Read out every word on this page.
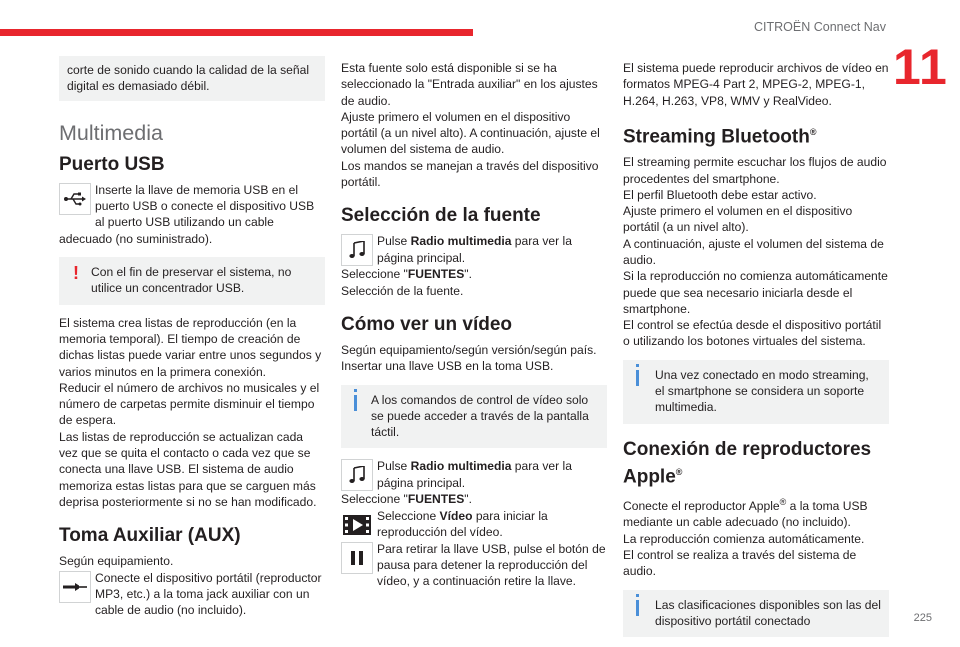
CITROËN Connect Nav
11
225

corte de sonido cuando la calidad de la señal digital es demasiado débil.

Multimedia
Puerto USB

Inserte la llave de memoria USB en el puerto USB o conecte el dispositivo USB al puerto USB utilizando un cable adecuado (no suministrado).

! Con el fin de preservar el sistema, no utilice un concentrador USB.

El sistema crea listas de reproducción (en la memoria temporal). El tiempo de creación de dichas listas puede variar entre unos segundos y varios minutos en la primera conexión.

Reducir el número de archivos no musicales y el número de carpetas permite disminuir el tiempo de espera.

Las listas de reproducción se actualizan cada vez que se quita el contacto o cada vez que se conecta una llave USB. El sistema de audio memoriza estas listas para que se carguen más deprisa posteriormente si no se han modificado.

Toma Auxiliar (AUX)

Según equipamiento.

Conecte el dispositivo portátil (reproductor MP3, etc.) a la toma jack auxiliar con un cable de audio (no incluido).

Esta fuente solo está disponible si se ha seleccionado la "Entrada auxiliar" en los ajustes de audio.

Ajuste primero el volumen en el dispositivo portátil (a un nivel alto). A continuación, ajuste el volumen del sistema de audio.

Los mandos se manejan a través del dispositivo portátil.

Selección de la fuente

Pulse Radio multimedia para ver la página principal.

Seleccione "FUENTES".

Selección de la fuente.

Cómo ver un vídeo

Según equipamiento/según versión/según país.

Insertar una llave USB en la toma USB.

A los comandos de control de vídeo solo se puede acceder a través de la pantalla táctil.

Pulse Radio multimedia para ver la página principal.

Seleccione "FUENTES".

Seleccione Vídeo para iniciar la reproducción del vídeo.

Para retirar la llave USB, pulse el botón de pausa para detener la reproducción del vídeo, y a continuación retire la llave.

El sistema puede reproducir archivos de vídeo en formatos MPEG-4 Part 2, MPEG-2, MPEG-1, H.264, H.263, VP8, WMV y RealVideo.

Streaming Bluetooth®

El streaming permite escuchar los flujos de audio procedentes del smartphone.

El perfil Bluetooth debe estar activo.

Ajuste primero el volumen en el dispositivo portátil (a un nivel alto).

A continuación, ajuste el volumen del sistema de audio.

Si la reproducción no comienza automáticamente puede que sea necesario iniciarla desde el smartphone.

El control se efectúa desde el dispositivo portátil o utilizando los botones virtuales del sistema.

Una vez conectado en modo streaming, el smartphone se considera un soporte multimedia.

Conexión de reproductores Apple®

Conecte el reproductor Apple® a la toma USB mediante un cable adecuado (no incluido).

La reproducción comienza automáticamente.

El control se realiza a través del sistema de audio.

Las clasificaciones disponibles son las del dispositivo portátil conectado
